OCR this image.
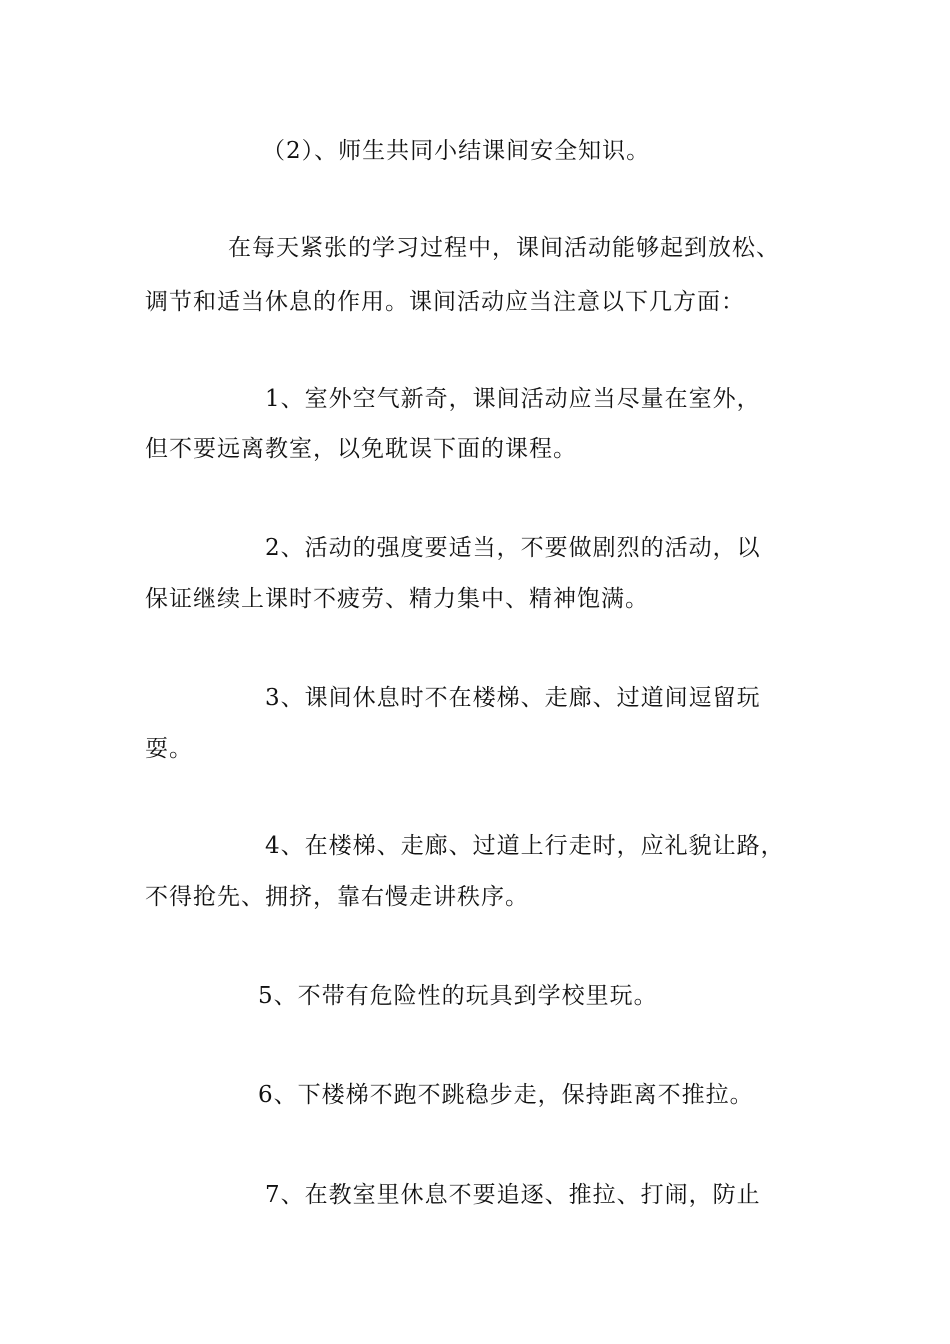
（2）、师生共同小结课间安全知识。
在每天紧张的学习过程中，课间活动能够起到放松、
调节和适当休息的作用。课间活动应当注意以下几方面：
1、室外空气新奇，课间活动应当尽量在室外，
但不要远离教室，以免耽误下面的课程。
2、活动的强度要适当，不要做剧烈的活动，以
保证继续上课时不疲劳、精力集中、精神饱满。
3、课间休息时不在楼梯、走廊、过道间逗留玩
耍。
4、在楼梯、走廊、过道上行走时，应礼貌让路，
不得抢先、拥挤，靠右慢走讲秩序。
5、不带有危险性的玩具到学校里玩。
6、下楼梯不跑不跳稳步走，保持距离不推拉。
7、在教室里休息不要追逐、推拉、打闹，防止
